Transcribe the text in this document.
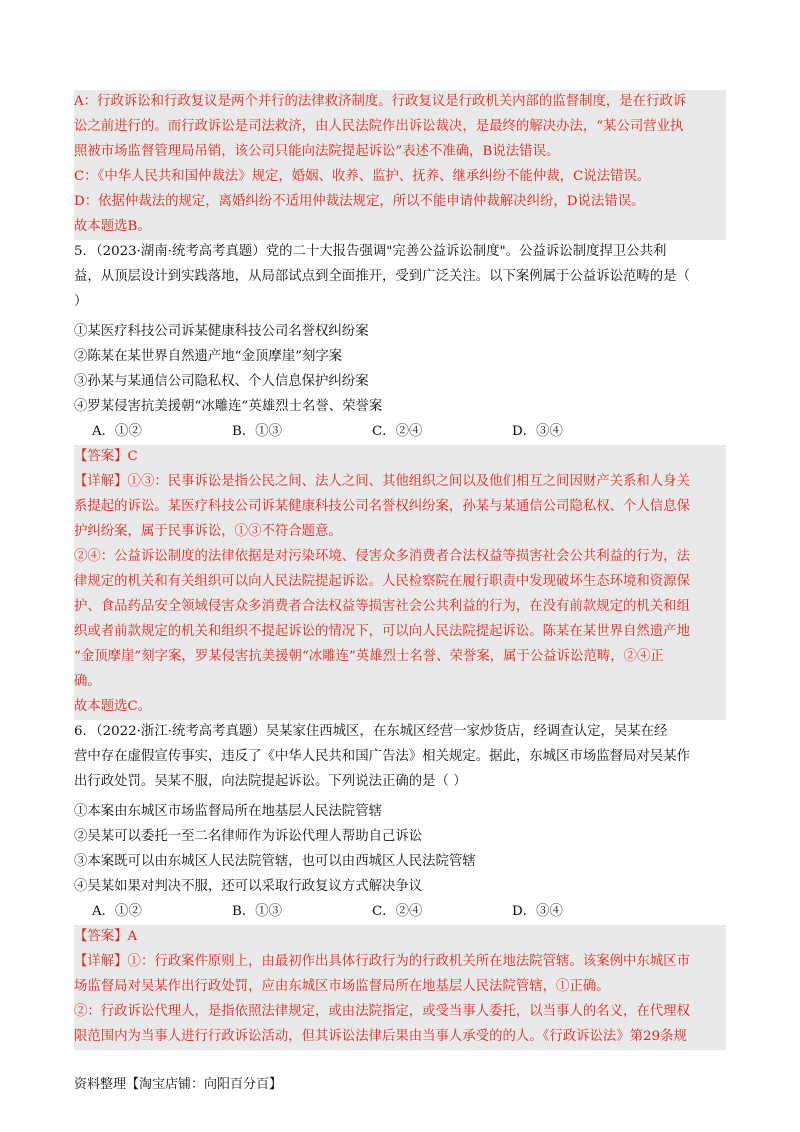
A：行政诉讼和行政复议是两个并行的法律救济制度。行政复议是行政机关内部的监督制度，是在行政诉
讼之前进行的。而行政诉讼是司法救济，由人民法院作出诉讼裁决，是最终的解决办法，“某公司营业执
照被市场监督管理局吊销，该公司只能向法院提起诉讼”表述不准确，B说法错误。
C：《中华人民共和国仲裁法》规定，婚姻、收养、监护、抚养、继承纠纷不能仲裁，C说法错误。
D：依据仲裁法的规定，离婚纠纷不适用仲裁法规定，所以不能申请仲裁解决纠纷，D说法错误。
故本题选B。
5．（2023·湖南·统考高考真题）党的二十大报告强调"完善公益诉讼制度"。公益诉讼制度捍卫公共利
益，从顶层设计到实践落地，从局部试点到全面推开，受到广泛关注。以下案例属于公益诉讼范畴的是（
）
①某医疗科技公司诉某健康科技公司名誉权纠纷案
②陈某在某世界自然遗产地“金顶摩崖”刻字案
③孙某与某通信公司隐私权、个人信息保护纠纷案
④罗某侵害抗美援朝“冰雕连”英雄烈士名誉、荣誉案
A．①②	B．①③	C．②④	D．③④
【答案】C
【详解】①③：民事诉讼是指公民之间、法人之间、其他组织之间以及他们相互之间因财产关系和人身关
系提起的诉讼。某医疗科技公司诉某健康科技公司名誉权纠纷案，孙某与某通信公司隐私权、个人信息保
护纠纷案，属于民事诉讼，①③不符合题意。
②④：公益诉讼制度的法律依据是对污染环境、侵害众多消费者合法权益等损害社会公共利益的行为，法
律规定的机关和有关组织可以向人民法院提起诉讼。人民检察院在履行职责中发现破坏生态环境和资源保
护、食品药品安全领域侵害众多消费者合法权益等损害社会公共利益的行为，在没有前款规定的机关和组
织或者前款规定的机关和组织不提起诉讼的情况下，可以向人民法院提起诉讼。陈某在某世界自然遗产地
“金顶摩崖”刻字案，罗某侵害抗美援朝“冰雕连”英雄烈士名誉、荣誉案，属于公益诉讼范畴，②④正
确。
故本题选C。
6．（2022·浙江·统考高考真题）吴某家住西城区，在东城区经营一家炒货店，经调查认定，吴某在经
营中存在虚假宣传事实，违反了《中华人民共和国广告法》相关规定。据此，东城区市场监督局对吴某作
出行政处罚。吴某不服，向法院提起诉讼。下列说法正确的是（ ）
①本案由东城区市场监督局所在地基层人民法院管辖
②吴某可以委托一至二名律师作为诉讼代理人帮助自己诉讼
③本案既可以由东城区人民法院管辖，也可以由西城区人民法院管辖
④吴某如果对判决不服，还可以采取行政复议方式解决争议
A．①②	B．①③	C．②④	D．③④
【答案】A
【详解】①：行政案件原则上，由最初作出具体行政行为的行政机关所在地法院管辖。该案例中东城区市
场监督局对吴某作出行政处罚，应由东城区市场监督局所在地基层人民法院管辖，①正确。
②：行政诉讼代理人，是指依照法律规定，或由法院指定，或受当事人委托，以当事人的名义，在代理权
限范围内为当事人进行行政诉讼活动，但其诉讼法律后果由当事人承受的的人。《行政诉讼法》第29条规
资料整理【淘宝店铺：向阳百分百】
